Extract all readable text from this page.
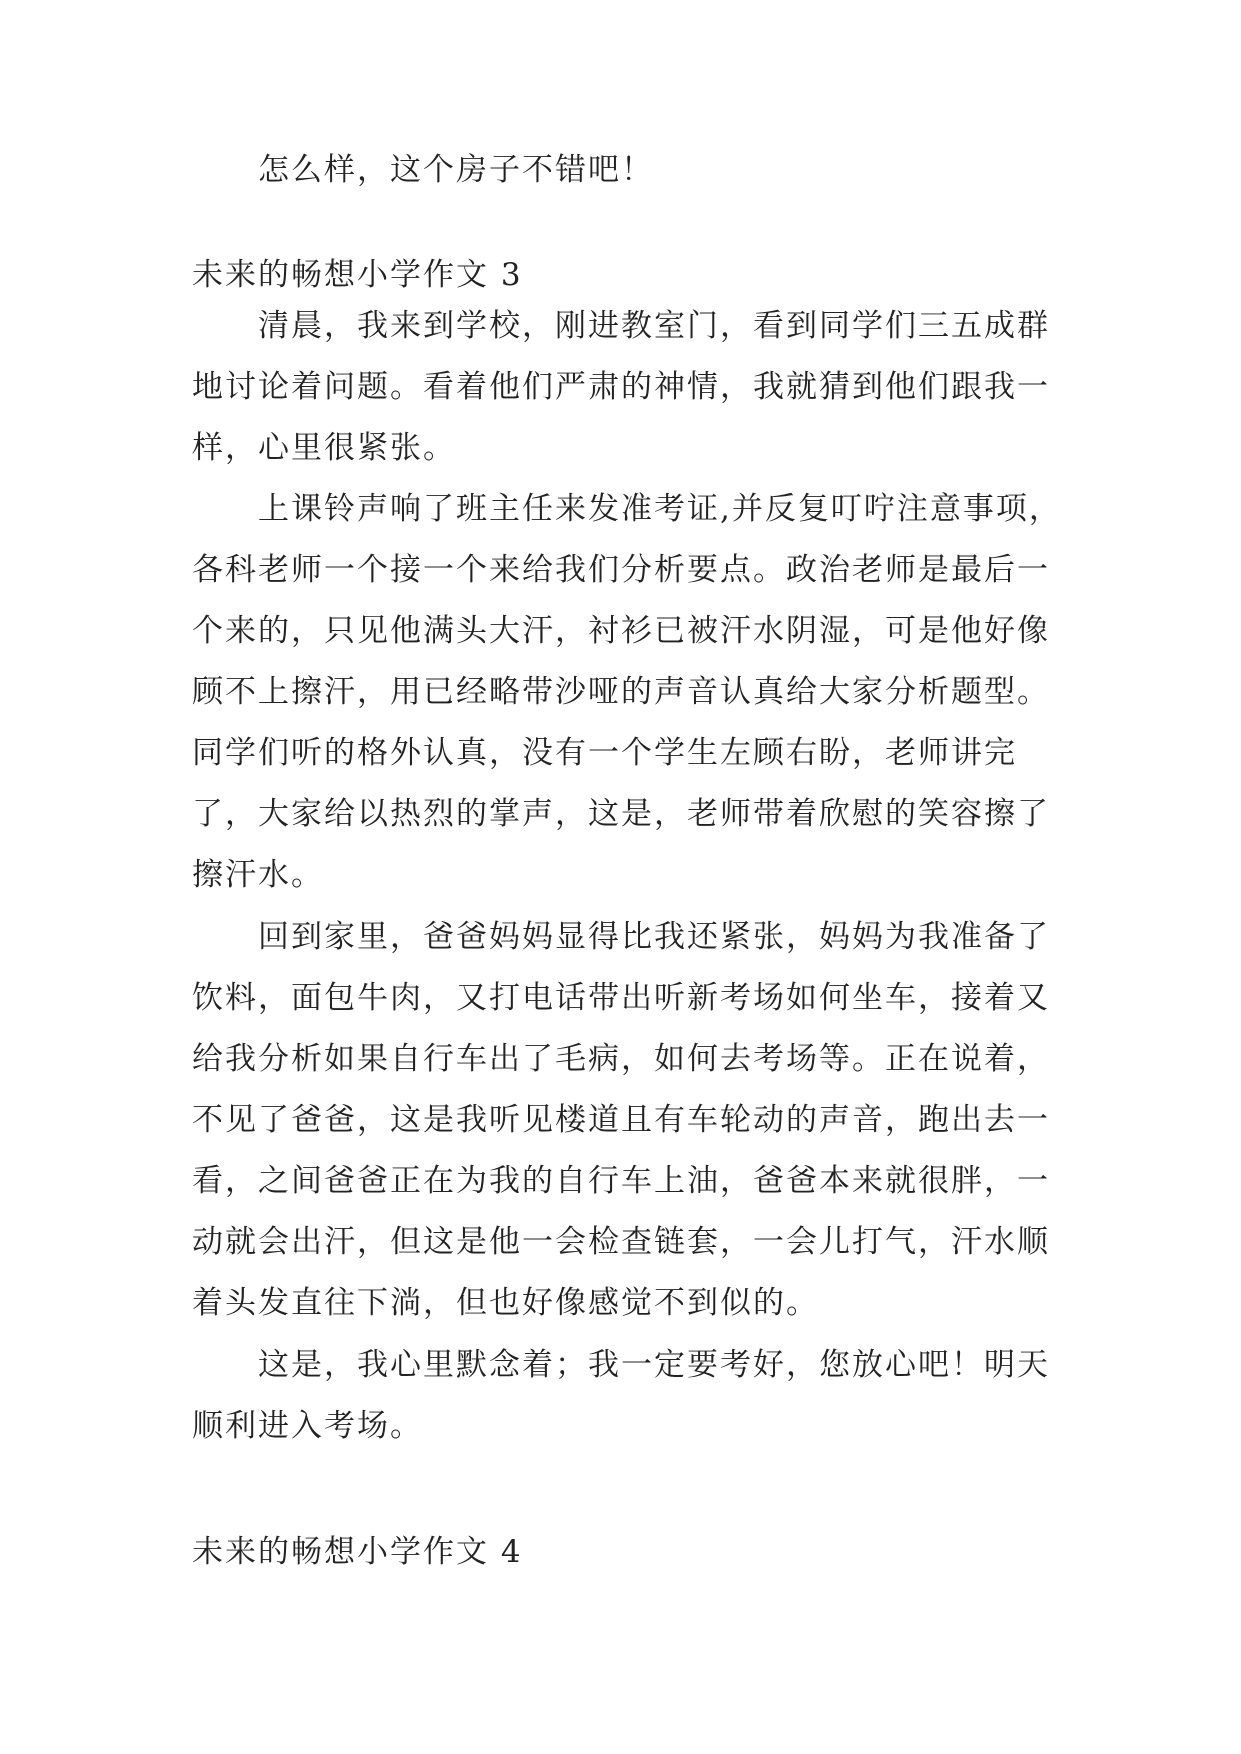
怎么样，这个房子不错吧！

未来的畅想小学作文 3

清晨，我来到学校，刚进教室门，看到同学们三五成群地讨论着问题。看着他们严肃的神情，我就猜到他们跟我一样，心里很紧张。

上课铃声响了班主任来发准考证,并反复叮咛注意事项，各科老师一个接一个来给我们分析要点。政治老师是最后一个来的，只见他满头大汗，衬衫已被汗水阴湿，可是他好像顾不上擦汗，用已经略带沙哑的声音认真给大家分析题型。同学们听的格外认真，没有一个学生左顾右盼，老师讲完了，大家给以热烈的掌声，这是，老师带着欣慰的笑容擦了擦汗水。

回到家里，爸爸妈妈显得比我还紧张，妈妈为我准备了饮料，面包牛肉，又打电话带出听新考场如何坐车，接着又给我分析如果自行车出了毛病，如何去考场等。正在说着，不见了爸爸，这是我听见楼道且有车轮动的声音，跑出去一看，之间爸爸正在为我的自行车上油，爸爸本来就很胖，一动就会出汗，但这是他一会检查链套，一会儿打气，汗水顺着头发直往下淌，但也好像感觉不到似的。

这是，我心里默念着；我一定要考好，您放心吧！明天顺利进入考场。

未来的畅想小学作文 4
